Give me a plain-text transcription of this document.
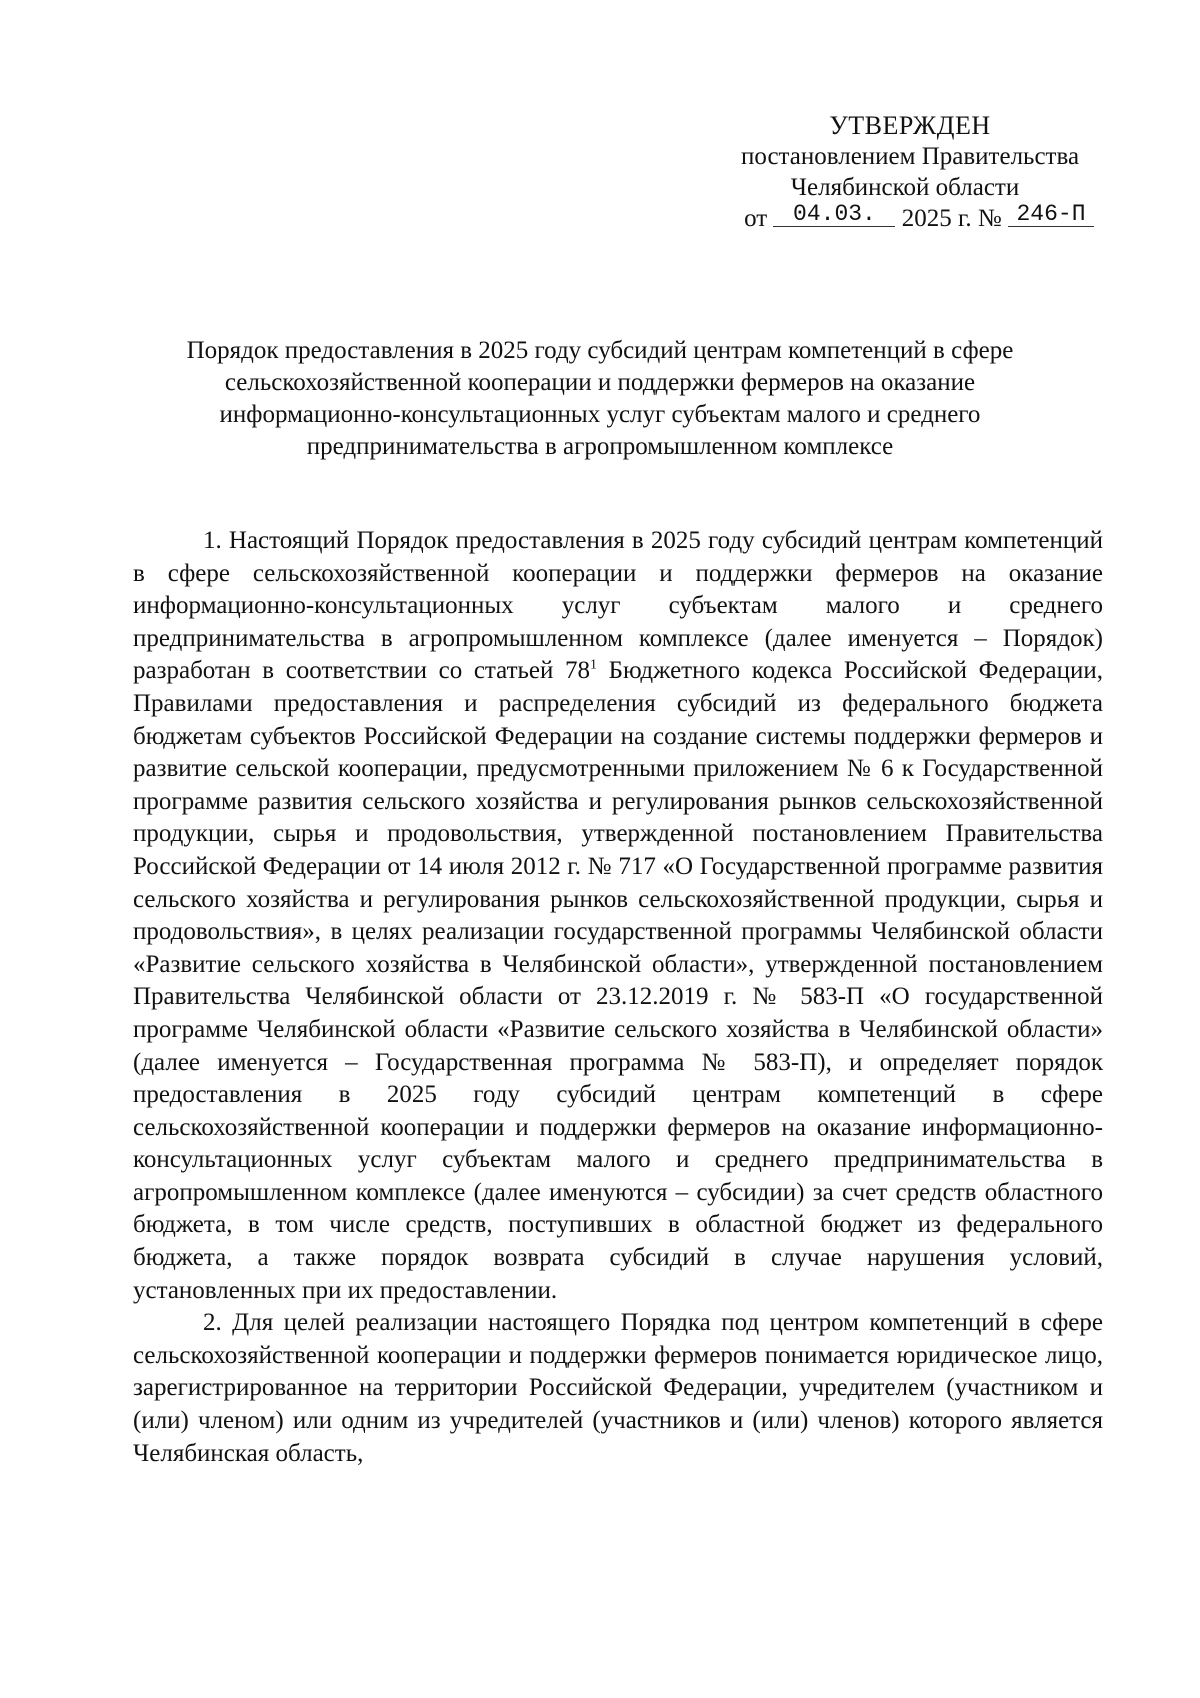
УТВЕРЖДЕН
постановлением Правительства
Челябинской области
от 04.03. 2025 г. № 246-П
Порядок предоставления в 2025 году субсидий центрам компетенций в сфере
сельскохозяйственной кооперации и поддержки фермеров на оказание
информационно-консультационных услуг субъектам малого и среднего
предпринимательства в агропромышленном комплексе

1. Настоящий Порядок предоставления в 2025 году субсидий центрам компетенций в сфере сельскохозяйственной кооперации и поддержки фермеров на оказание информационно-консультационных услуг субъектам малого и среднего предпринимательства в агропромышленном комплексе (далее именуется – Порядок) разработан в соответствии со статьей $78^1$ Бюджетного кодекса Российской Федерации, Правилами предоставления и распределения субсидий из федерального бюджета бюджетам субъектов Российской Федерации на создание системы поддержки фермеров и развитие сельской кооперации, предусмотренными приложением № 6 к Государственной программе развития сельского хозяйства и регулирования рынков сельскохозяйственной продукции, сырья и продовольствия, утвержденной постановлением Правительства Российской Федерации от 14 июля 2012 г. № 717 «О Государственной программе развития сельского хозяйства и регулирования рынков сельскохозяйственной продукции, сырья и продовольствия», в целях реализации государственной программы Челябинской области «Развитие сельского хозяйства в Челябинской области», утвержденной постановлением Правительства Челябинской области от 23.12.2019 г. № 583-П «О государственной программе Челябинской области «Развитие сельского хозяйства в Челябинской области» (далее именуется – Государственная программа № 583-П), и определяет порядок предоставления в 2025 году субсидий центрам компетенций в сфере сельскохозяйственной кооперации и поддержки фермеров на оказание информационно-консультационных услуг субъектам малого и среднего предпринимательства в агропромышленном комплексе (далее именуются – субсидии) за счет средств областного бюджета, в том числе средств, поступивших в областной бюджет из федерального бюджета, а также порядок возврата субсидий в случае нарушения условий, установленных при их предоставлении.

2. Для целей реализации настоящего Порядка под центром компетенций в сфере сельскохозяйственной кооперации и поддержки фермеров понимается юридическое лицо, зарегистрированное на территории Российской Федерации, учредителем (участником и (или) членом) или одним из учредителей (участников и (или) членов) которого является Челябинская область,
